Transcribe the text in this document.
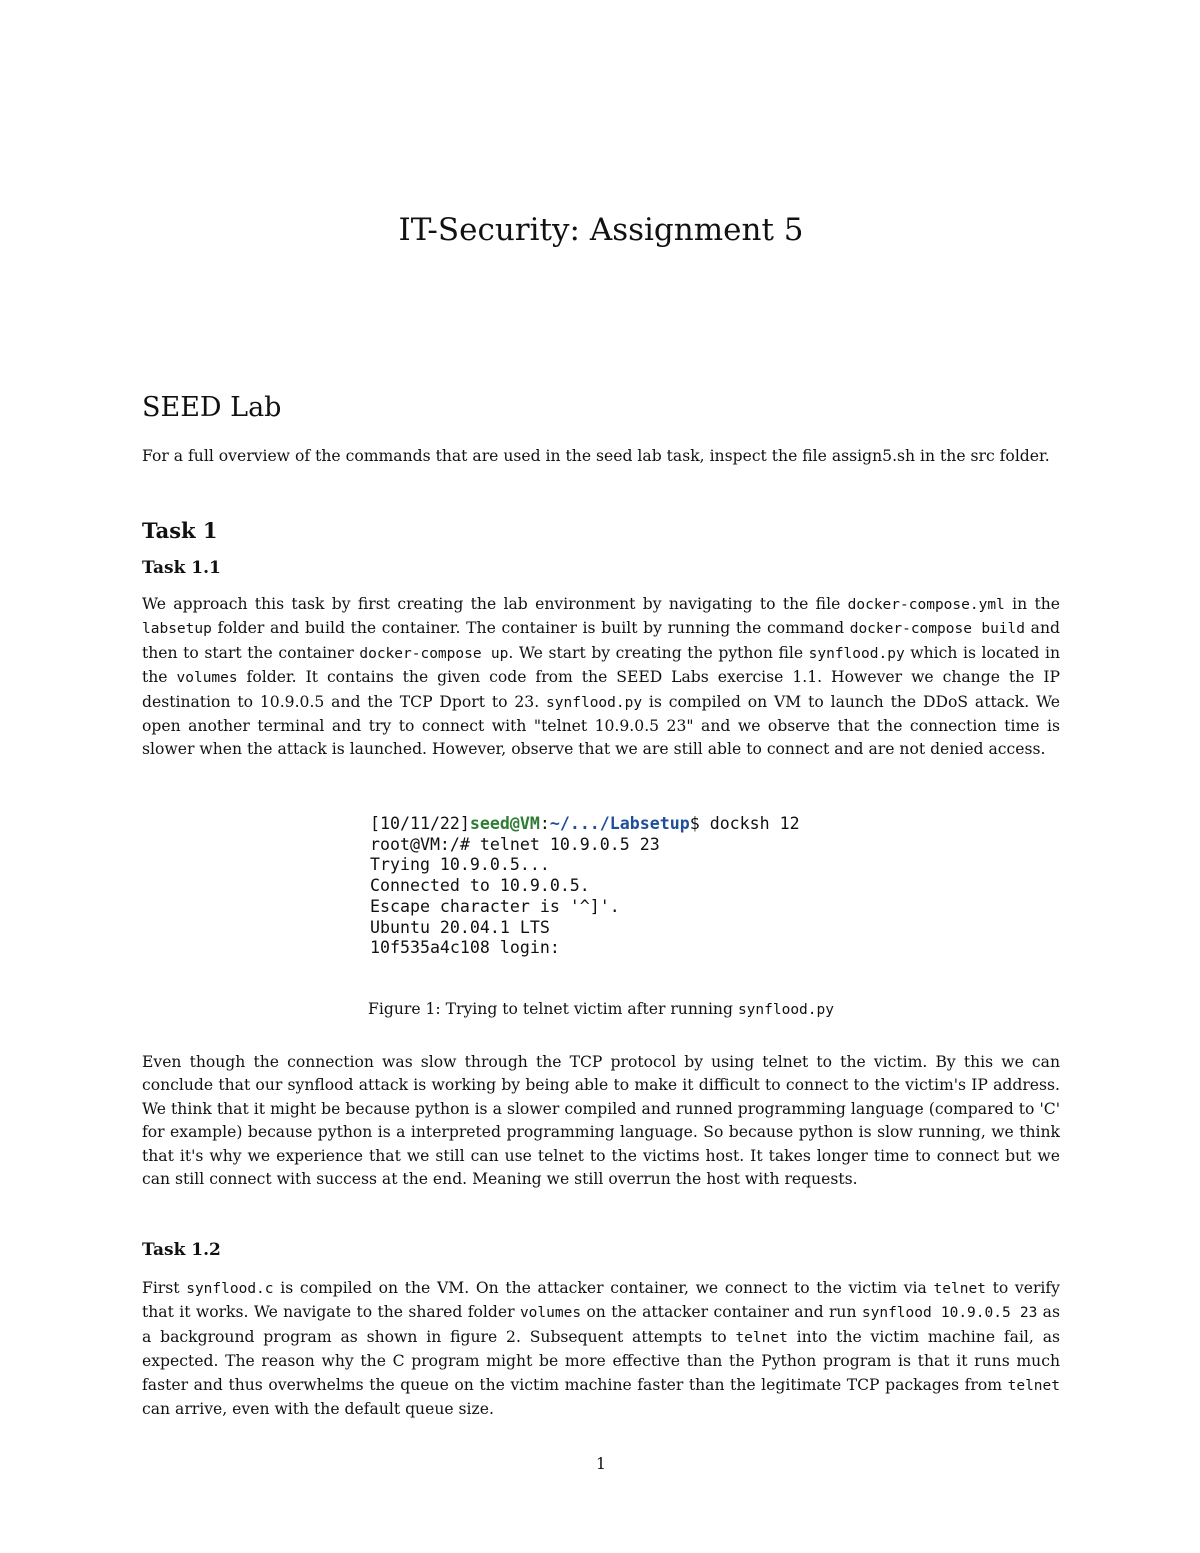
IT-Security: Assignment 5
SEED Lab

For a full overview of the commands that are used in the seed lab task, inspect the file assign5.sh in the src folder.

Task 1
Task 1.1

We approach this task by first creating the lab environment by navigating to the file docker-compose.yml in the labsetup folder and build the container. The container is built by running the command docker-compose build and then to start the container docker-compose up. We start by creating the python file synflood.py which is located in the volumes folder. It contains the given code from the SEED Labs exercise 1.1. However we change the IP destination to 10.9.0.5 and the TCP Dport to 23. synflood.py is compiled on VM to launch the DDoS attack. We open another terminal and try to connect with "telnet 10.9.0.5 23" and we observe that the connection time is slower when the attack is launched. However, observe that we are still able to connect and are not denied access.

[10/11/22]seed@VM:~/.../Labsetup$ docksh 12
root@VM:/# telnet 10.9.0.5 23
Trying 10.9.0.5...
Connected to 10.9.0.5.
Escape character is '^]'.
Ubuntu 20.04.1 LTS
10f535a4c108 login:
Figure 1: Trying to telnet victim after running synflood.py

Even though the connection was slow through the TCP protocol by using telnet to the victim. By this we can conclude that our synflood attack is working by being able to make it difficult to connect to the victim's IP address. We think that it might be because python is a slower compiled and runned programming language (compared to 'C' for example) because python is a interpreted programming language. So because python is slow running, we think that it's why we experience that we still can use telnet to the victims host. It takes longer time to connect but we can still connect with success at the end. Meaning we still overrun the host with requests.

Task 1.2

First synflood.c is compiled on the VM. On the attacker container, we connect to the victim via telnet to verify that it works. We navigate to the shared folder volumes on the attacker container and run synflood 10.9.0.5 23 as a background program as shown in figure 2. Subsequent attempts to telnet into the victim machine fail, as expected. The reason why the C program might be more effective than the Python program is that it runs much faster and thus overwhelms the queue on the victim machine faster than the legitimate TCP packages from telnet can arrive, even with the default queue size.

1
